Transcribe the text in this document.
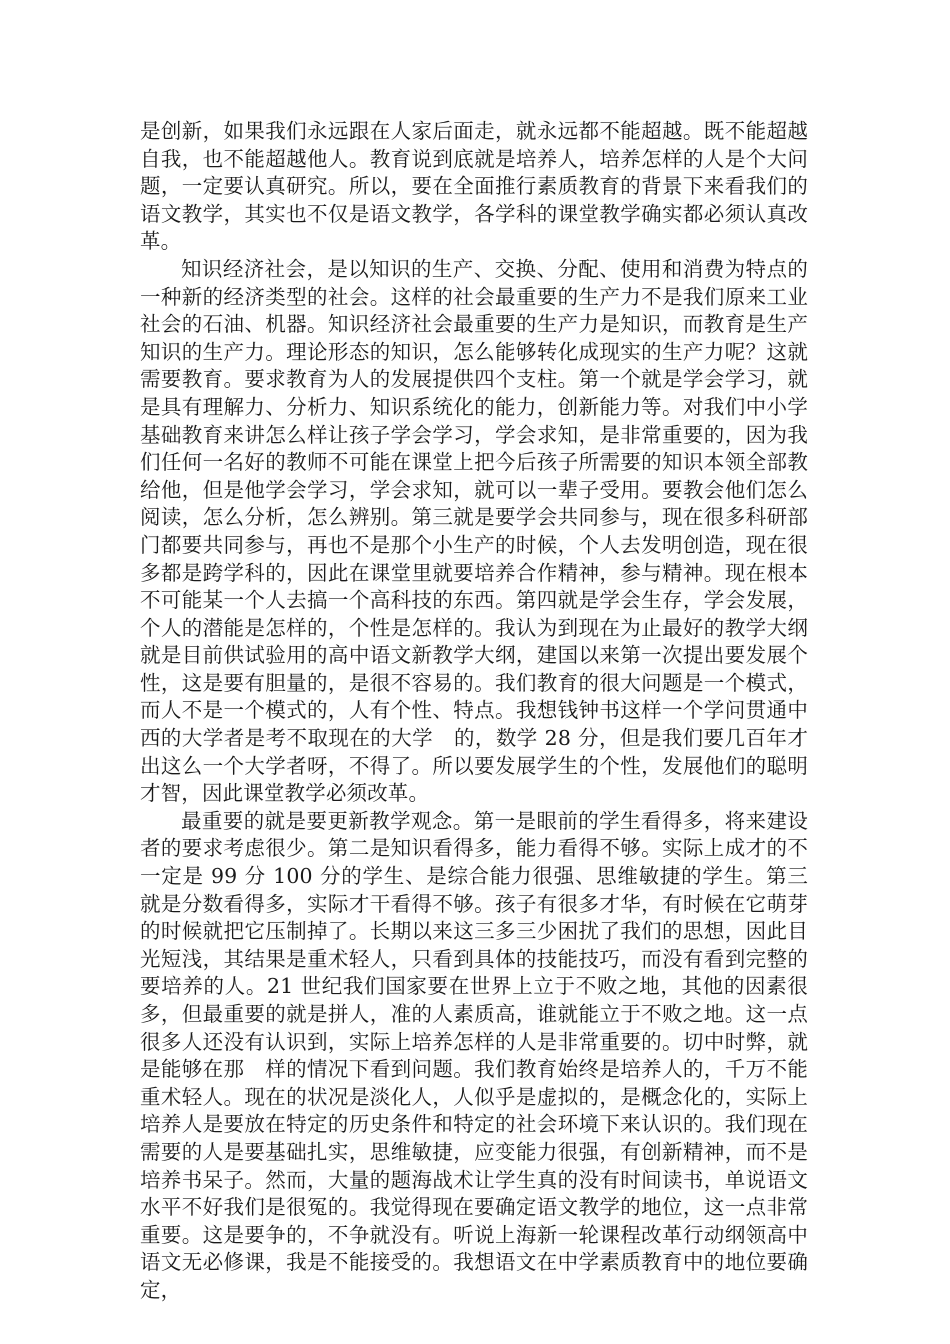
是创新，如果我们永远跟在人家后面走，就永远都不能超越。既不能超越自我，也不能超越他人。教育说到底就是培养人，培养怎样的人是个大问题，一定要认真研究。所以，要在全面推行素质教育的背景下来看我们的语文教学，其实也不仅是语文教学，各学科的课堂教学确实都必须认真改革。

知识经济社会，是以知识的生产、交换、分配、使用和消费为特点的一种新的经济类型的社会。这样的社会最重要的生产力不是我们原来工业社会的石油、机器。知识经济社会最重要的生产力是知识，而教育是生产知识的生产力。理论形态的知识，怎么能够转化成现实的生产力呢？这就需要教育。要求教育为人的发展提供四个支柱。第一个就是学会学习，就是具有理解力、分析力、知识系统化的能力，创新能力等。对我们中小学基础教育来讲怎么样让孩子学会学习，学会求知，是非常重要的，因为我们任何一名好的教师不可能在课堂上把今后孩子所需要的知识本领全部教给他，但是他学会学习，学会求知，就可以一辈子受用。要教会他们怎么阅读，怎么分析，怎么辨别。第三就是要学会共同参与，现在很多科研部门都要共同参与，再也不是那个小生产的时候，个人去发明创造，现在很多都是跨学科的，因此在课堂里就要培养合作精神，参与精神。现在根本不可能某一个人去搞一个高科技的东西。第四就是学会生存，学会发展，个人的潜能是怎样的，个性是怎样的。我认为到现在为止最好的教学大纲就是目前供试验用的高中语文新教学大纲，建国以来第一次提出要发展个性，这是要有胆量的，是很不容易的。我们教育的很大问题是一个模式，而人不是一个模式的，人有个性、特点。我想钱钟书这样一个学问贯通中西的大学者是考不取现在的大学　的，数学 28 分，但是我们要几百年才出这么一个大学者呀，不得了。所以要发展学生的个性，发展他们的聪明才智，因此课堂教学必须改革。

最重要的就是要更新教学观念。第一是眼前的学生看得多，将来建设者的要求考虑很少。第二是知识看得多，能力看得不够。实际上成才的不一定是 99 分 100 分的学生、是综合能力很强、思维敏捷的学生。第三就是分数看得多，实际才干看得不够。孩子有很多才华，有时候在它萌芽的时候就把它压制掉了。长期以来这三多三少困扰了我们的思想，因此目光短浅，其结果是重术轻人，只看到具体的技能技巧，而没有看到完整的要培养的人。21 世纪我们国家要在世界上立于不败之地，其他的因素很多，但最重要的就是拼人，准的人素质高，谁就能立于不败之地。这一点很多人还没有认识到，实际上培养怎样的人是非常重要的。切中时弊，就是能够在那　样的情况下看到问题。我们教育始终是培养人的，千万不能重术轻人。现在的状况是淡化人，人似乎是虚拟的，是概念化的，实际上培养人是要放在特定的历史条件和特定的社会环境下来认识的。我们现在需要的人是要基础扎实，思维敏捷，应变能力很强，有创新精神，而不是培养书呆子。然而，大量的题海战术让学生真的没有时间读书，单说语文水平不好我们是很冤的。我觉得现在要确定语文教学的地位，这一点非常重要。这是要争的，不争就没有。听说上海新一轮课程改革行动纲领高中语文无必修课，我是不能接受的。我想语文在中学素质教育中的地位要确定，
